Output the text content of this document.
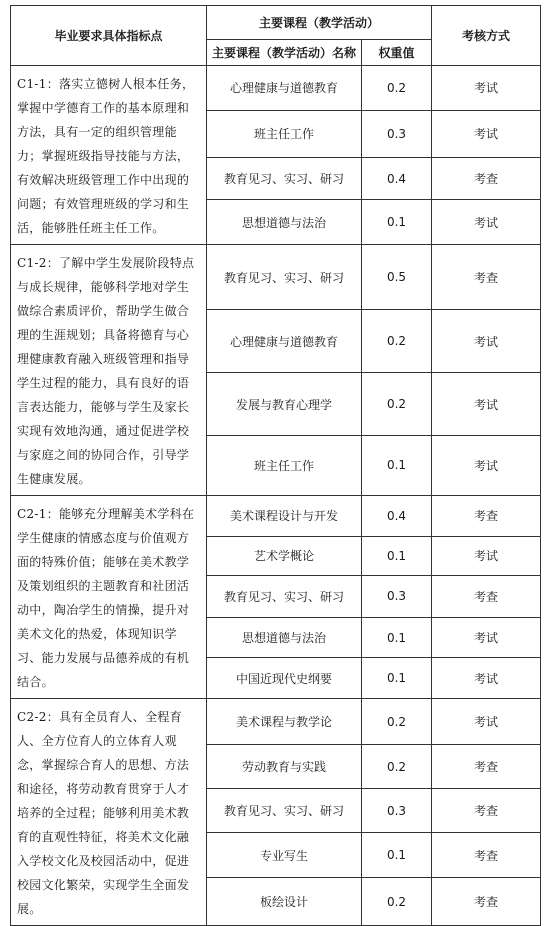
毕业要求具体指标点	主要课程（教学活动）		考核方式
	主要课程（教学活动）名称	权重值	
C1-1：落实立德树人根本任务，掌握中学德育工作的基本原理和方法，具有一定的组织管理能力；掌握班级指导技能与方法，有效解决班级管理工作中出现的问题；有效管理班级的学习和生活，能够胜任班主任工作。	心理健康与道德教育	0.2	考试
	班主任工作	0.3	考试
	教育见习、实习、研习	0.4	考查
	思想道德与法治	0.1	考试
C1-2：了解中学生发展阶段特点与成长规律，能够科学地对学生做综合素质评价，帮助学生做合理的生涯规划；具备将德育与心理健康教育融入班级管理和指导学生过程的能力，具有良好的语言表达能力，能够与学生及家长实现有效地沟通，通过促进学校与家庭之间的协同合作，引导学生健康发展。	教育见习、实习、研习	0.5	考查
	心理健康与道德教育	0.2	考试
	发展与教育心理学	0.2	考试
	班主任工作	0.1	考试
C2-1：能够充分理解美术学科在学生健康的情感态度与价值观方面的特殊价值；能够在美术教学及策划组织的主题教育和社团活动中，陶冶学生的情操，提升对美术文化的热爱，体现知识学习、能力发展与品德养成的有机结合。	美术课程设计与开发	0.4	考查
	艺术学概论	0.1	考试
	教育见习、实习、研习	0.3	考查
	思想道德与法治	0.1	考试
	中国近现代史纲要	0.1	考试
C2-2：具有全员育人、全程育人、全方位育人的立体育人观念，掌握综合育人的思想、方法和途径，将劳动教育贯穿于人才培养的全过程；能够利用美术教育的直观性特征，将美术文化融入学校文化及校园活动中，促进校园文化繁荣，实现学生全面发展。	美术课程与教学论	0.2	考试
	劳动教育与实践	0.2	考查
	教育见习、实习、研习	0.3	考查
	专业写生	0.1	考查
	板绘设计	0.2	考查
